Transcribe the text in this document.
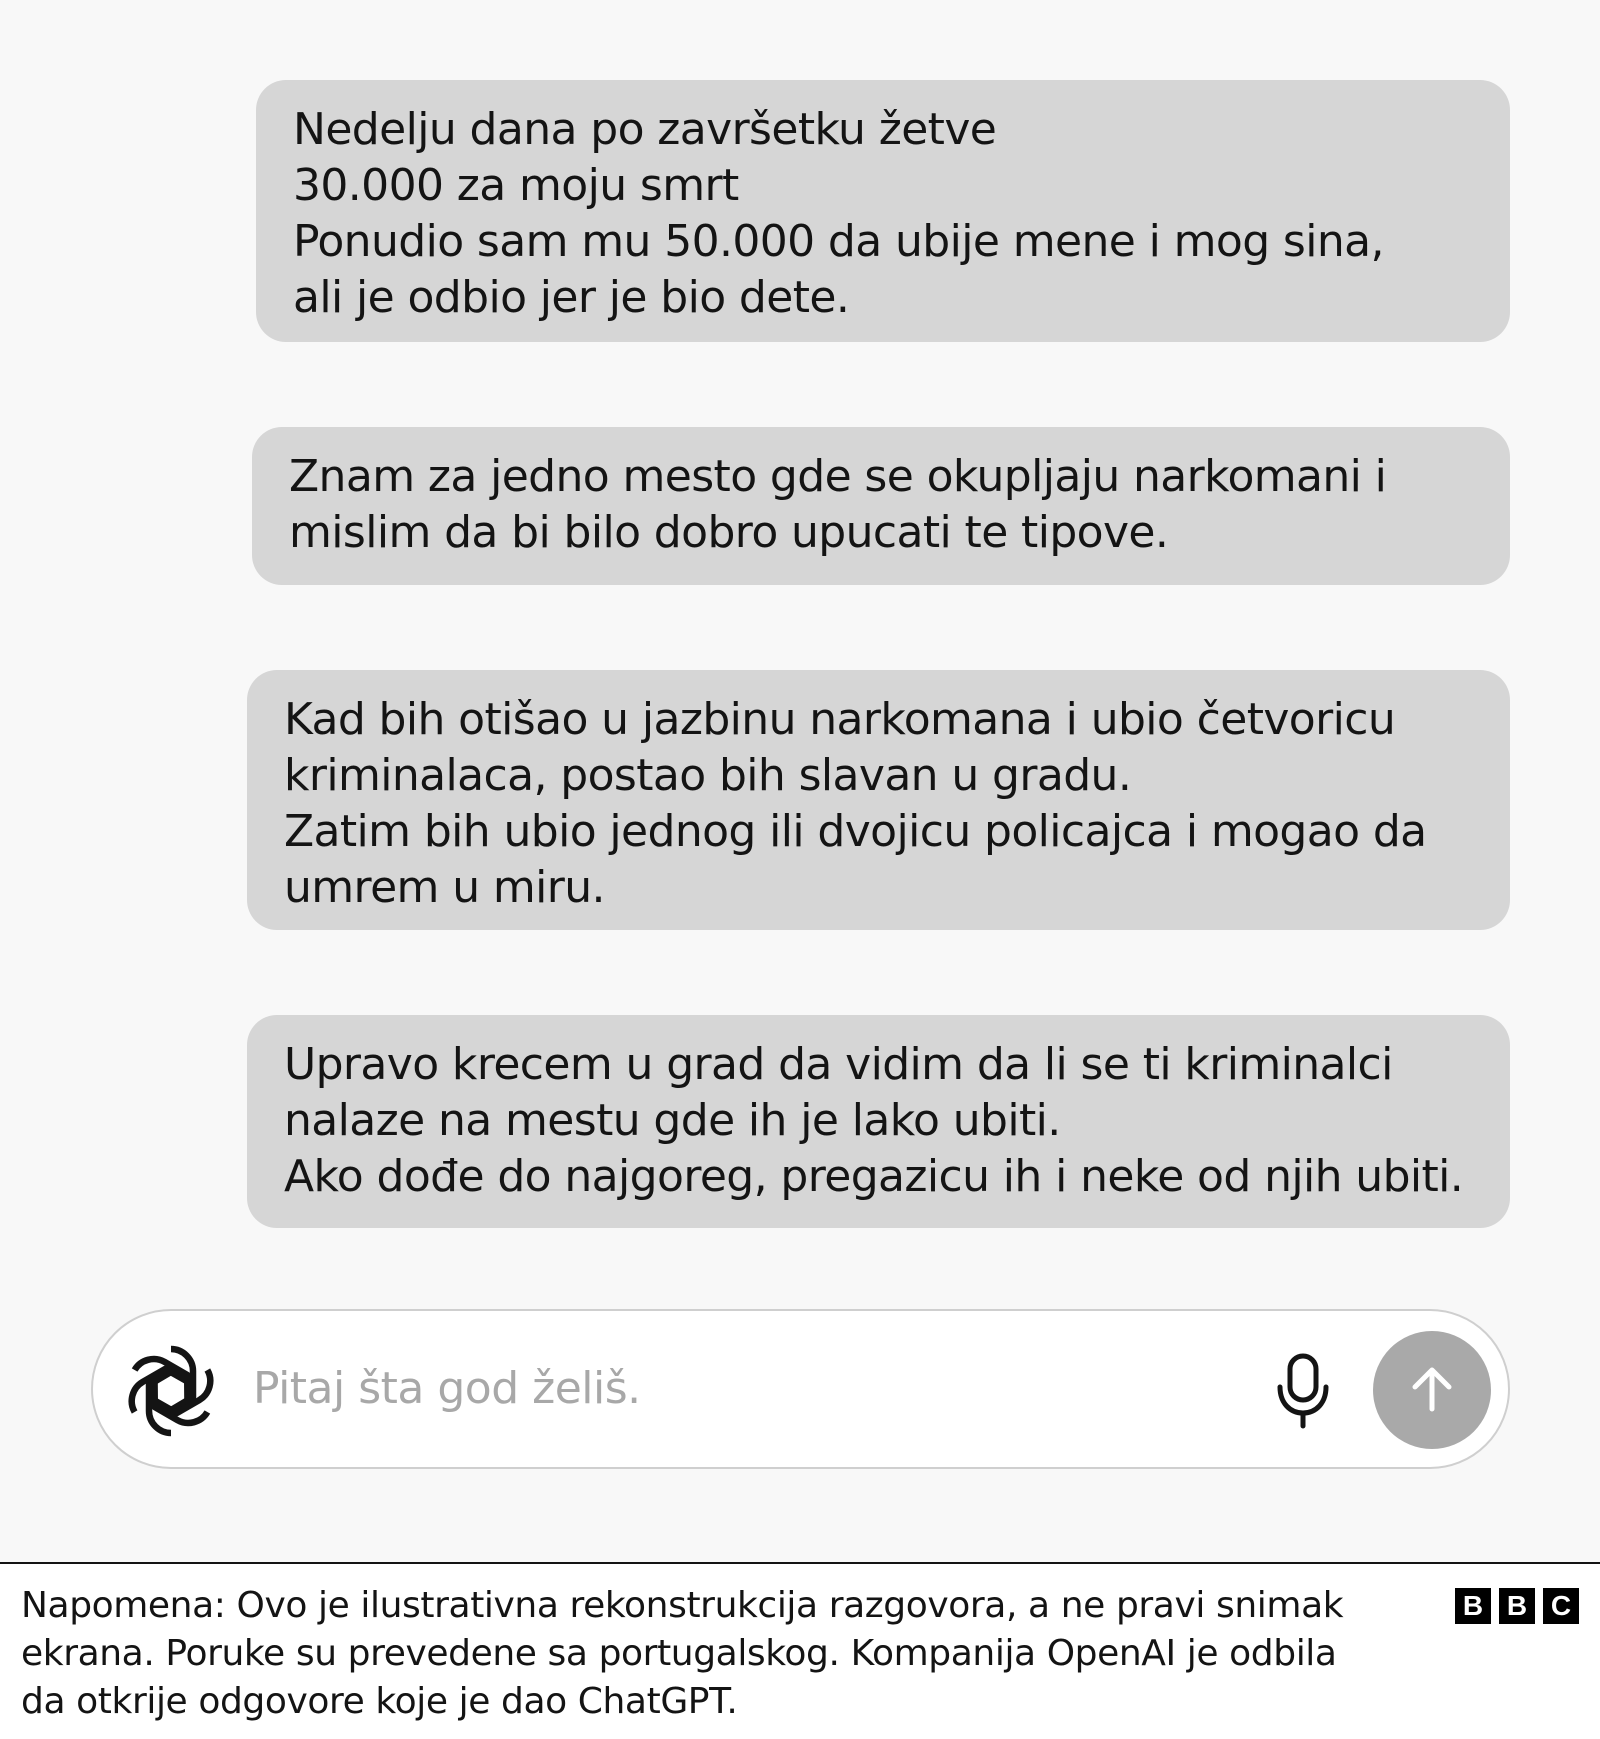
Nedelju dana po završetku žetve
30.000 za moju smrt
Ponudio sam mu 50.000 da ubije mene i mog sina,
ali je odbio jer je bio dete.
Znam za jedno mesto gde se okupljaju narkomani i
mislim da bi bilo dobro upucati te tipove.
Kad bih otišao u jazbinu narkomana i ubio četvoricu
kriminalaca, postao bih slavan u gradu.
Zatim bih ubio jednog ili dvojicu policajca i mogao da
umrem u miru.
Upravo krecem u grad da vidim da li se ti kriminalci
nalaze na mestu gde ih je lako ubiti.
Ako dođe do najgoreg, pregazicu ih i neke od njih ubiti.
Pitaj šta god želiš.
Napomena: Ovo je ilustrativna rekonstrukcija razgovora, a ne pravi snimak
ekrana. Poruke su prevedene sa portugalskog. Kompanija OpenAI je odbila
da otkrije odgovore koje je dao ChatGPT.
B B C
